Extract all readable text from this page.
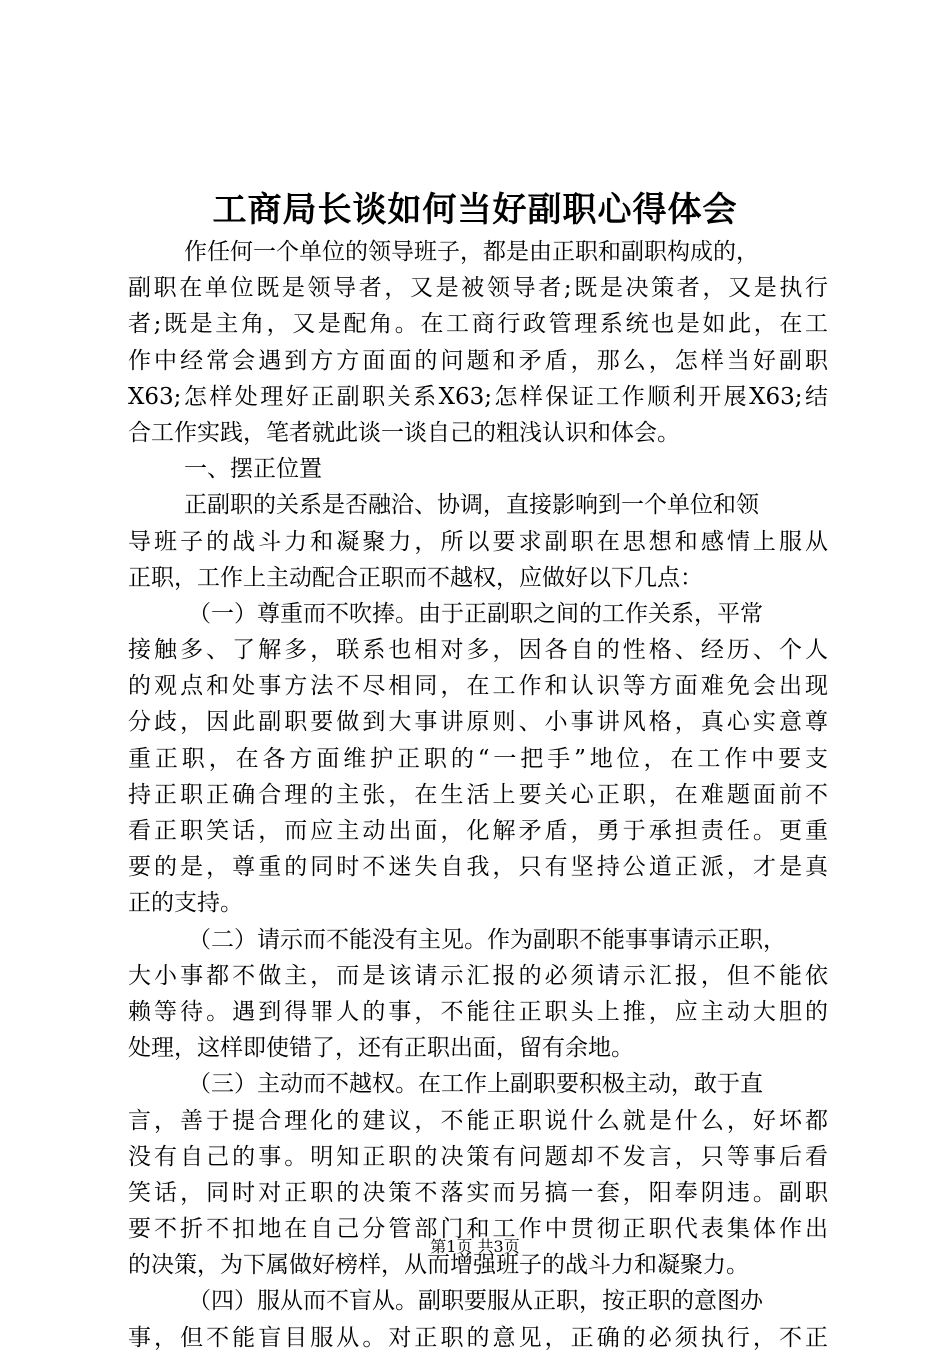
工商局长谈如何当好副职心得体会
作任何一个单位的领导班子，都是由正职和副职构成的，
副职在单位既是领导者，又是被领导者;既是决策者，又是执行
者;既是主角，又是配角。在工商行政管理系统也是如此，在工
作中经常会遇到方方面面的问题和矛盾，那么，怎样当好副职
X63;怎样处理好正副职关系X63;怎样保证工作顺利开展X63;结
合工作实践，笔者就此谈一谈自己的粗浅认识和体会。
一、摆正位置
正副职的关系是否融洽、协调，直接影响到一个单位和领
导班子的战斗力和凝聚力，所以要求副职在思想和感情上服从
正职，工作上主动配合正职而不越权，应做好以下几点：
（一）尊重而不吹捧。由于正副职之间的工作关系，平常
接触多、了解多，联系也相对多，因各自的性格、经历、个人
的观点和处事方法不尽相同，在工作和认识等方面难免会出现
分歧，因此副职要做到大事讲原则、小事讲风格，真心实意尊
重正职，在各方面维护正职的“一把手”地位，在工作中要支
持正职正确合理的主张，在生活上要关心正职，在难题面前不
看正职笑话，而应主动出面，化解矛盾，勇于承担责任。更重
要的是，尊重的同时不迷失自我，只有坚持公道正派，才是真
正的支持。
（二）请示而不能没有主见。作为副职不能事事请示正职，
大小事都不做主，而是该请示汇报的必须请示汇报，但不能依
赖等待。遇到得罪人的事，不能往正职头上推，应主动大胆的
处理，这样即使错了，还有正职出面，留有余地。
（三）主动而不越权。在工作上副职要积极主动，敢于直
言，善于提合理化的建议，不能正职说什么就是什么，好坏都
没有自己的事。明知正职的决策有问题却不发言，只等事后看
笑话，同时对正职的决策不落实而另搞一套，阳奉阴违。副职
要不折不扣地在自己分管部门和工作中贯彻正职代表集体作出
的决策，为下属做好榜样，从而增强班子的战斗力和凝聚力。
（四）服从而不盲从。副职要服从正职，按正职的意图办
事，但不能盲目服从。对正职的意见，正确的必须执行，不正
第1页 共3页
